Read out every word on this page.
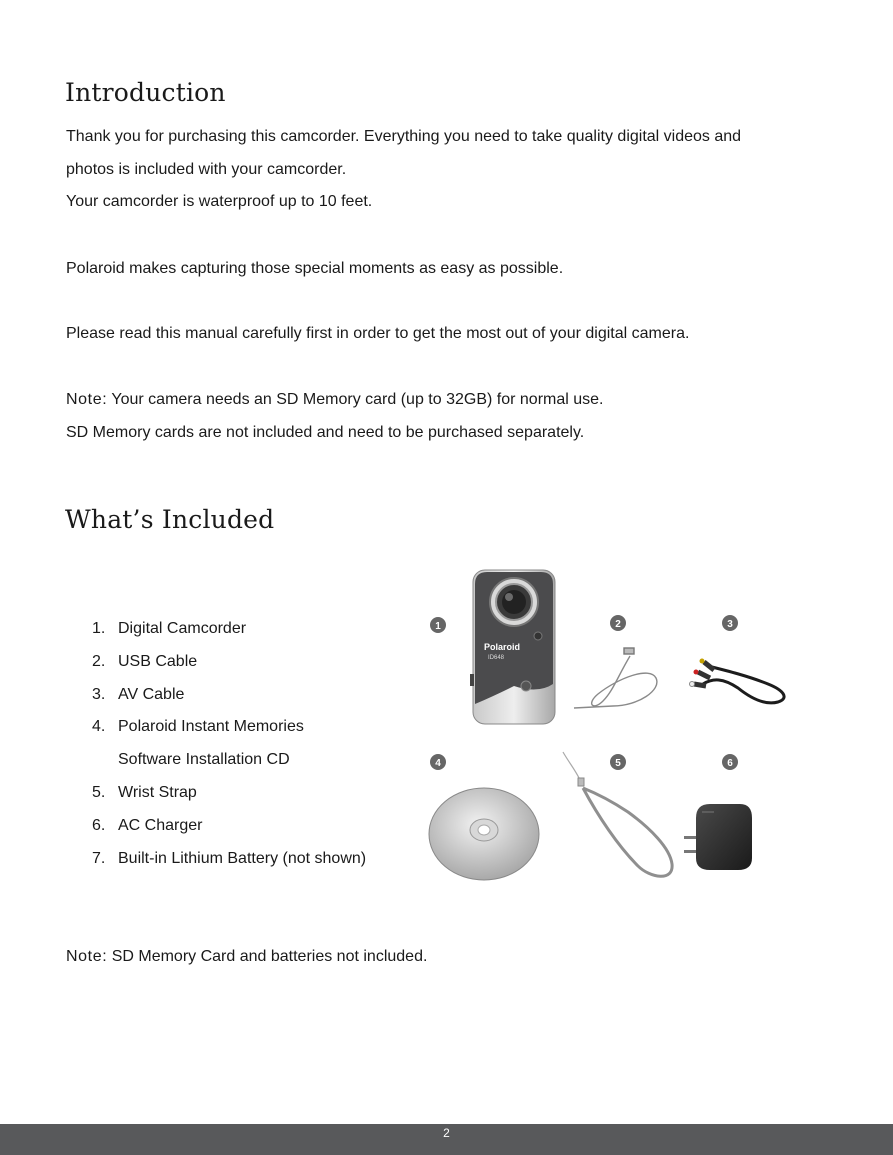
Introduction

Thank you for purchasing this camcorder. Everything you need to take quality digital videos and

photos is included with your camcorder.

Your camcorder is waterproof up to 10 feet.

Polaroid makes capturing those special moments as easy as possible.

Please read this manual carefully first in order to get the most out of your digital camera.

Note: Your camera needs an SD Memory card (up to 32GB) for normal use.

SD Memory cards are not included and need to be purchased separately.

What’s Included
1. Digital Camcorder
2. USB Cable
3. AV Cable
4. Polaroid Instant Memories
Software Installation CD
5. Wrist Strap
6. AC Charger
7. Built-in Lithium Battery (not shown)
1
Polaroid
ID648
2	3
4	5	6

Note: SD Memory Card and batteries not included.

2
